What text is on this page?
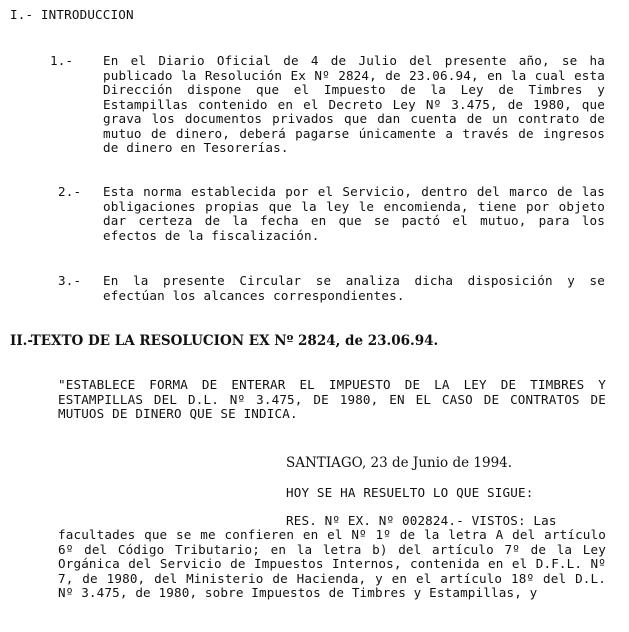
I.- INTRODUCCION
1.- En el Diario Oficial de 4 de Julio del presente año, se ha publicado la Resolución Ex Nº 2824, de 23.06.94, en la cual esta Dirección dispone que el Impuesto de la Ley de Timbres y Estampillas contenido en el Decreto Ley Nº 3.475, de 1980, que grava los documentos privados que dan cuenta de un contrato de mutuo de dinero, deberá pagarse únicamente a través de ingresos de dinero en Tesorerías.
2.- Esta norma establecida por el Servicio, dentro del marco de las obligaciones propias que la ley le encomienda, tiene por objeto dar certeza de la fecha en que se pactó el mutuo, para los efectos de la fiscalización.
3.- En la presente Circular se analiza dicha disposición y se efectúan los alcances correspondientes.
II.-TEXTO DE LA RESOLUCION EX Nº 2824, de 23.06.94.
"ESTABLECE FORMA DE ENTERAR EL IMPUESTO DE LA LEY DE TIMBRES Y ESTAMPILLAS DEL D.L. Nº 3.475, DE 1980, EN EL CASO DE CONTRATOS DE MUTUOS DE DINERO QUE SE INDICA.
SANTIAGO, 23 de Junio de 1994.
HOY SE HA RESUELTO LO QUE SIGUE:
RES. Nº EX. Nº 002824.- VISTOS: Las
facultades que se me confieren en el Nº 1º de la letra A del artículo 6º del Código Tributario; en la letra b) del artículo 7º de la Ley Orgánica del Servicio de Impuestos Internos, contenida en el D.F.L. Nº 7, de 1980, del Ministerio de Hacienda, y en el artículo 18º del D.L. Nº 3.475, de 1980, sobre Impuestos de Timbres y Estampillas, y
